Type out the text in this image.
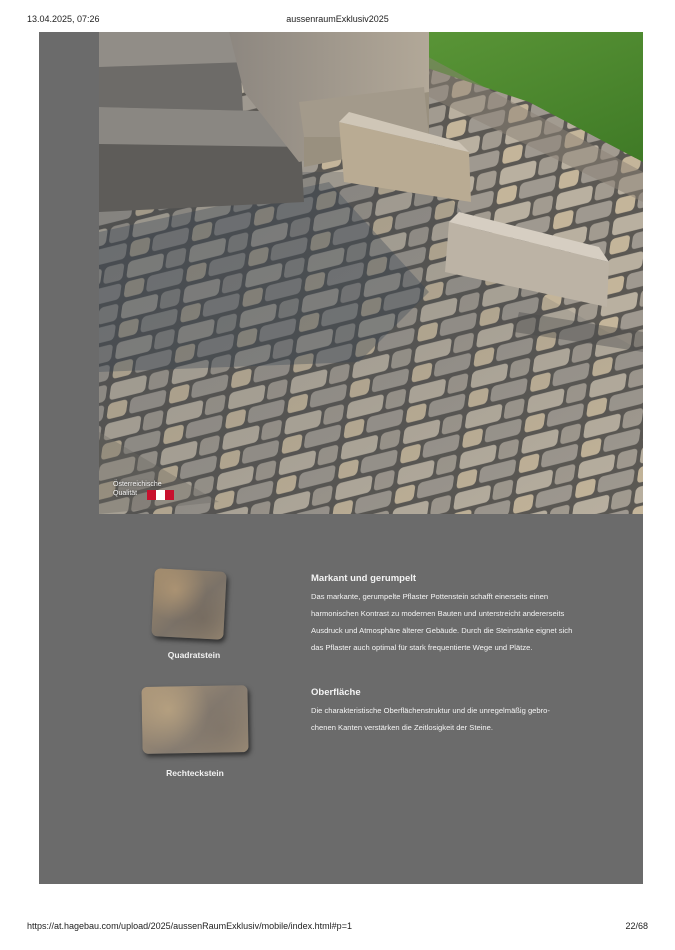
13.04.2025, 07:26	aussenraumExklusiv2025
Österreichische
Qualität
Quadratstein
Rechteckstein

Markant und gerumpelt

Das markante, gerumpelte Pflaster Pottenstein schafft einerseits einen
harmonischen Kontrast zu modernen Bauten und unterstreicht andererseits
Ausdruck und Atmosphäre älterer Gebäude. Durch die Steinstärke eignet sich
das Pflaster auch optimal für stark frequentierte Wege und Plätze.

Oberfläche

Die charakteristische Oberflächenstruktur und die unregelmäßig gebro-
chenen Kanten verstärken die Zeitlosigkeit der Steine.

https://at.hagebau.com/upload/2025/aussenRaumExklusiv/mobile/index.html#p=1	22/68
